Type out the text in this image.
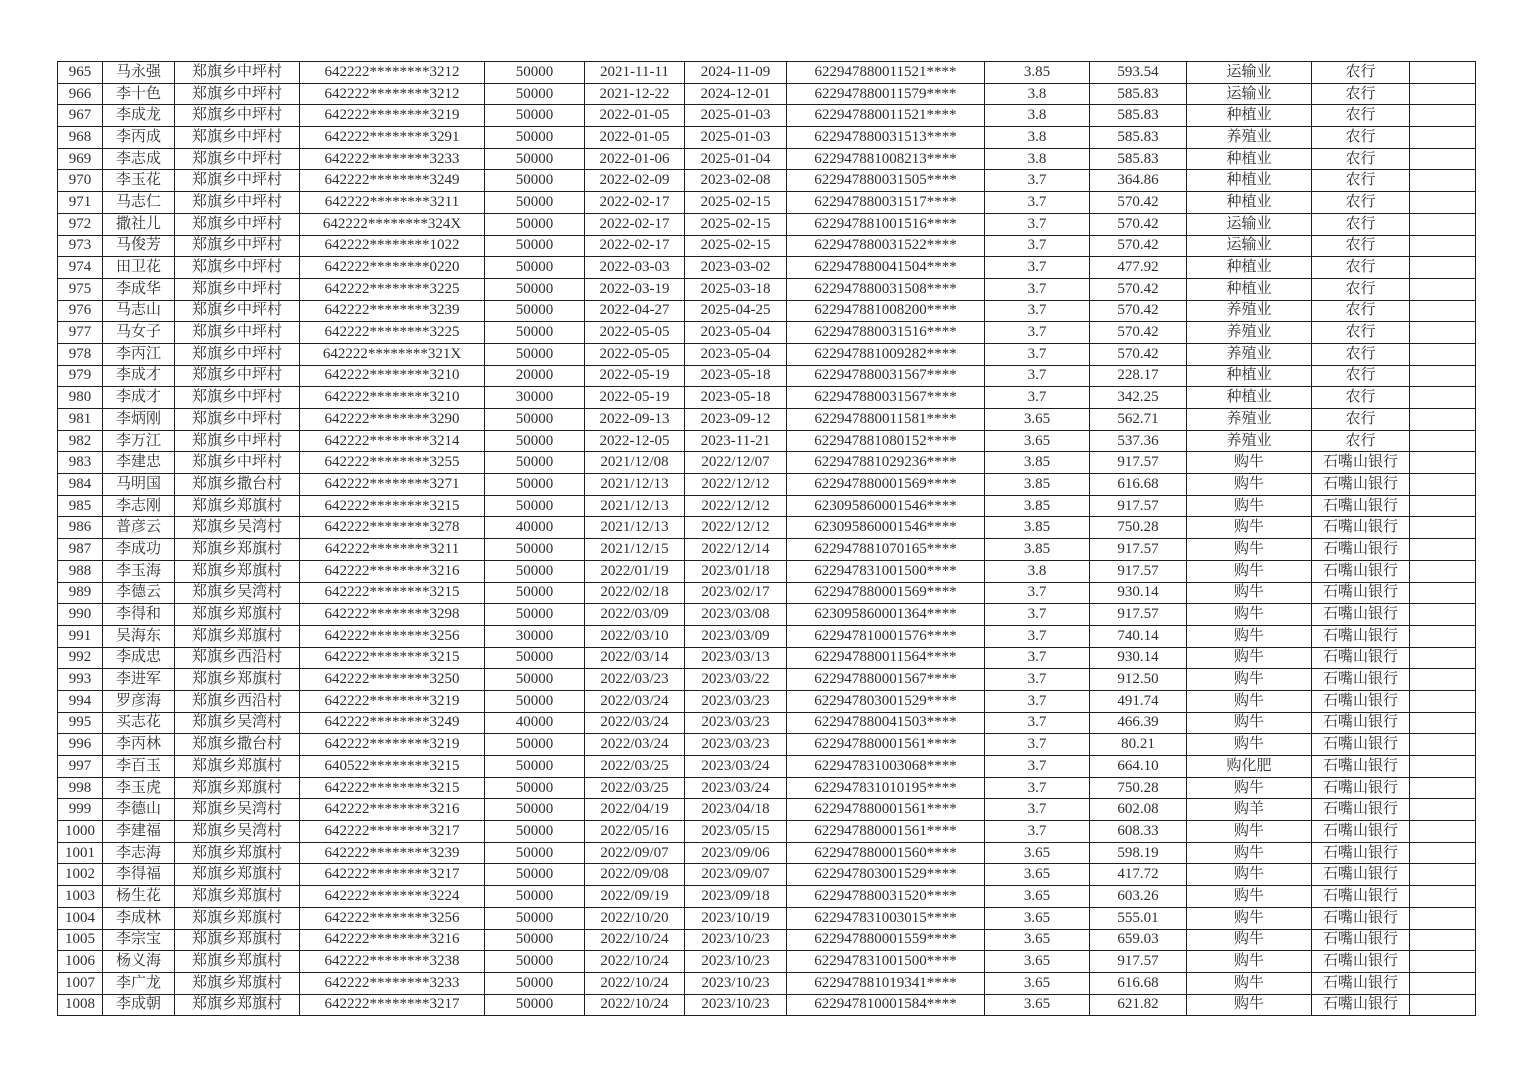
965	马永强	郑旗乡中坪村	642222********3212	50000	2021-11-11	2024-11-09	622947880011521****	3.85	593.54	运输业	农行	
966	李十色	郑旗乡中坪村	642222********3212	50000	2021-12-22	2024-12-01	622947880011579****	3.8	585.83	运输业	农行	
967	李成龙	郑旗乡中坪村	642222********3219	50000	2022-01-05	2025-01-03	622947880011521****	3.8	585.83	种植业	农行	
968	李丙成	郑旗乡中坪村	642222********3291	50000	2022-01-05	2025-01-03	622947880031513****	3.8	585.83	养殖业	农行	
969	李志成	郑旗乡中坪村	642222********3233	50000	2022-01-06	2025-01-04	622947881008213****	3.8	585.83	种植业	农行	
970	李玉花	郑旗乡中坪村	642222********3249	50000	2022-02-09	2023-02-08	622947880031505****	3.7	364.86	种植业	农行	
971	马志仁	郑旗乡中坪村	642222********3211	50000	2022-02-17	2025-02-15	622947880031517****	3.7	570.42	种植业	农行	
972	撒社儿	郑旗乡中坪村	642222********324X	50000	2022-02-17	2025-02-15	622947881001516****	3.7	570.42	运输业	农行	
973	马俊芳	郑旗乡中坪村	642222********1022	50000	2022-02-17	2025-02-15	622947880031522****	3.7	570.42	运输业	农行	
974	田卫花	郑旗乡中坪村	642222********0220	50000	2022-03-03	2023-03-02	622947880041504****	3.7	477.92	种植业	农行	
975	李成华	郑旗乡中坪村	642222********3225	50000	2022-03-19	2025-03-18	622947880031508****	3.7	570.42	种植业	农行	
976	马志山	郑旗乡中坪村	642222********3239	50000	2022-04-27	2025-04-25	622947881008200****	3.7	570.42	养殖业	农行	
977	马女子	郑旗乡中坪村	642222********3225	50000	2022-05-05	2023-05-04	622947880031516****	3.7	570.42	养殖业	农行	
978	李丙江	郑旗乡中坪村	642222********321X	50000	2022-05-05	2023-05-04	622947881009282****	3.7	570.42	养殖业	农行	
979	李成才	郑旗乡中坪村	642222********3210	20000	2022-05-19	2023-05-18	622947880031567****	3.7	228.17	种植业	农行	
980	李成才	郑旗乡中坪村	642222********3210	30000	2022-05-19	2023-05-18	622947880031567****	3.7	342.25	种植业	农行	
981	李炳刚	郑旗乡中坪村	642222********3290	50000	2022-09-13	2023-09-12	622947880011581****	3.65	562.71	养殖业	农行	
982	李万江	郑旗乡中坪村	642222********3214	50000	2022-12-05	2023-11-21	622947881080152****	3.65	537.36	养殖业	农行	
983	李建忠	郑旗乡中坪村	642222********3255	50000	2021/12/08	2022/12/07	622947881029236****	3.85	917.57	购牛	石嘴山银行	
984	马明国	郑旗乡撒台村	642222********3271	50000	2021/12/13	2022/12/12	622947880001569****	3.85	616.68	购牛	石嘴山银行	
985	李志刚	郑旗乡郑旗村	642222********3215	50000	2021/12/13	2022/12/12	623095860001546****	3.85	917.57	购牛	石嘴山银行	
986	普彦云	郑旗乡吴湾村	642222********3278	40000	2021/12/13	2022/12/12	623095860001546****	3.85	750.28	购牛	石嘴山银行	
987	李成功	郑旗乡郑旗村	642222********3211	50000	2021/12/15	2022/12/14	622947881070165****	3.85	917.57	购牛	石嘴山银行	
988	李玉海	郑旗乡郑旗村	642222********3216	50000	2022/01/19	2023/01/18	622947831001500****	3.8	917.57	购牛	石嘴山银行	
989	李德云	郑旗乡吴湾村	642222********3215	50000	2022/02/18	2023/02/17	622947880001569****	3.7	930.14	购牛	石嘴山银行	
990	李得和	郑旗乡郑旗村	642222********3298	50000	2022/03/09	2023/03/08	623095860001364****	3.7	917.57	购牛	石嘴山银行	
991	吴海东	郑旗乡郑旗村	642222********3256	30000	2022/03/10	2023/03/09	622947810001576****	3.7	740.14	购牛	石嘴山银行	
992	李成忠	郑旗乡西沿村	642222********3215	50000	2022/03/14	2023/03/13	622947880011564****	3.7	930.14	购牛	石嘴山银行	
993	李进军	郑旗乡郑旗村	642222********3250	50000	2022/03/23	2023/03/22	622947880001567****	3.7	912.50	购牛	石嘴山银行	
994	罗彦海	郑旗乡西沿村	642222********3219	50000	2022/03/24	2023/03/23	622947803001529****	3.7	491.74	购牛	石嘴山银行	
995	买志花	郑旗乡吴湾村	642222********3249	40000	2022/03/24	2023/03/23	622947880041503****	3.7	466.39	购牛	石嘴山银行	
996	李丙林	郑旗乡撒台村	642222********3219	50000	2022/03/24	2023/03/23	622947880001561****	3.7	80.21	购牛	石嘴山银行	
997	李百玉	郑旗乡郑旗村	640522********3215	50000	2022/03/25	2023/03/24	622947831003068****	3.7	664.10	购化肥	石嘴山银行	
998	李玉虎	郑旗乡郑旗村	642222********3215	50000	2022/03/25	2023/03/24	622947831010195****	3.7	750.28	购牛	石嘴山银行	
999	李德山	郑旗乡吴湾村	642222********3216	50000	2022/04/19	2023/04/18	622947880001561****	3.7	602.08	购羊	石嘴山银行	
1000	李建福	郑旗乡吴湾村	642222********3217	50000	2022/05/16	2023/05/15	622947880001561****	3.7	608.33	购牛	石嘴山银行	
1001	李志海	郑旗乡郑旗村	642222********3239	50000	2022/09/07	2023/09/06	622947880001560****	3.65	598.19	购牛	石嘴山银行	
1002	李得福	郑旗乡郑旗村	642222********3217	50000	2022/09/08	2023/09/07	622947803001529****	3.65	417.72	购牛	石嘴山银行	
1003	杨生花	郑旗乡郑旗村	642222********3224	50000	2022/09/19	2023/09/18	622947880031520****	3.65	603.26	购牛	石嘴山银行	
1004	李成林	郑旗乡郑旗村	642222********3256	50000	2022/10/20	2023/10/19	622947831003015****	3.65	555.01	购牛	石嘴山银行	
1005	李宗宝	郑旗乡郑旗村	642222********3216	50000	2022/10/24	2023/10/23	622947880001559****	3.65	659.03	购牛	石嘴山银行	
1006	杨义海	郑旗乡郑旗村	642222********3238	50000	2022/10/24	2023/10/23	622947831001500****	3.65	917.57	购牛	石嘴山银行	
1007	李广龙	郑旗乡郑旗村	642222********3233	50000	2022/10/24	2023/10/23	622947881019341****	3.65	616.68	购牛	石嘴山银行	
1008	李成朝	郑旗乡郑旗村	642222********3217	50000	2022/10/24	2023/10/23	622947810001584****	3.65	621.82	购牛	石嘴山银行	
